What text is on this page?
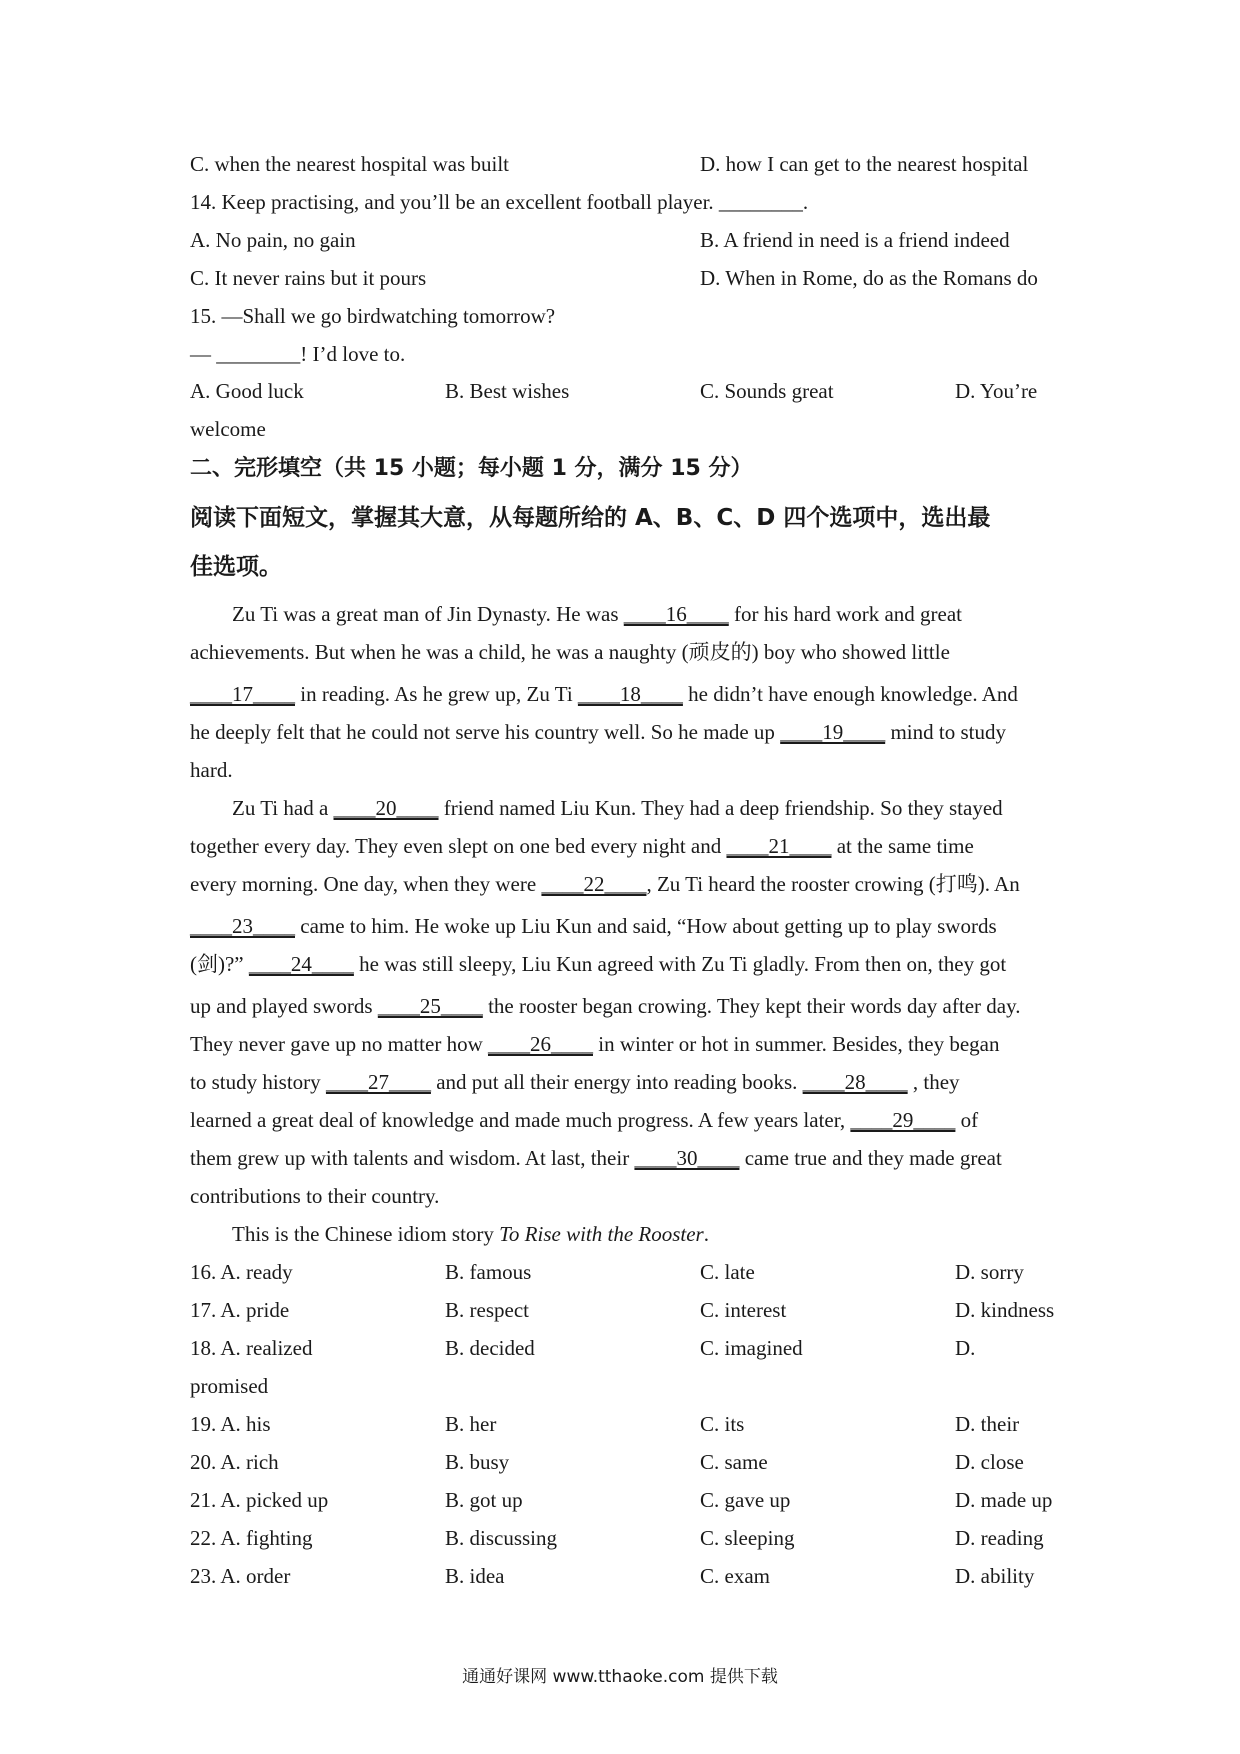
C. when the nearest hospital was built	D. how I can get to the nearest hospital
14. Keep practising, and you’ll be an excellent football player. ________.
A. No pain, no gain	B. A friend in need is a friend indeed
C. It never rains but it pours	D. When in Rome, do as the Romans do
15. —Shall we go birdwatching tomorrow?
— ________! I’d love to.
A. Good luck	B. Best wishes	C. Sounds great	D. You’re
welcome
二、完形填空（共 15 小题；每小题 1 分，满分 15 分）
阅读下面短文，掌握其大意，从每题所给的 A、B、C、D 四个选项中，选出最
佳选项。
Zu Ti was a great man of Jin Dynasty. He was ____16____ for his hard work and great
achievements. But when he was a child, he was a naughty (顽皮的) boy who showed little
____17____ in reading. As he grew up, Zu Ti ____18____ he didn’t have enough knowledge. And
he deeply felt that he could not serve his country well. So he made up ____19____ mind to study
hard.
Zu Ti had a ____20____ friend named Liu Kun. They had a deep friendship. So they stayed
together every day. They even slept on one bed every night and ____21____ at the same time
every morning. One day, when they were ____22____, Zu Ti heard the rooster crowing (打鸣). An
____23____ came to him. He woke up Liu Kun and said, “How about getting up to play swords
(剑)?” ____24____ he was still sleepy, Liu Kun agreed with Zu Ti gladly. From then on, they got
up and played swords ____25____ the rooster began crowing. They kept their words day after day.
They never gave up no matter how ____26____ in winter or hot in summer. Besides, they began
to study history ____27____ and put all their energy into reading books. ____28____ , they
learned a great deal of knowledge and made much progress. A few years later, ____29____ of
them grew up with talents and wisdom. At last, their ____30____ came true and they made great
contributions to their country.
This is the Chinese idiom story To Rise with the Rooster.
16. A. ready	B. famous	C. late	D. sorry
17. A. pride	B. respect	C. interest	D. kindness
18. A. realized	B. decided	C. imagined	D.
promised
19. A. his	B. her	C. its	D. their
20. A. rich	B. busy	C. same	D. close
21. A. picked up	B. got up	C. gave up	D. made up
22. A. fighting	B. discussing	C. sleeping	D. reading
23. A. order	B. idea	C. exam	D. ability
通通好课网 www.tthaoke.com 提供下载
